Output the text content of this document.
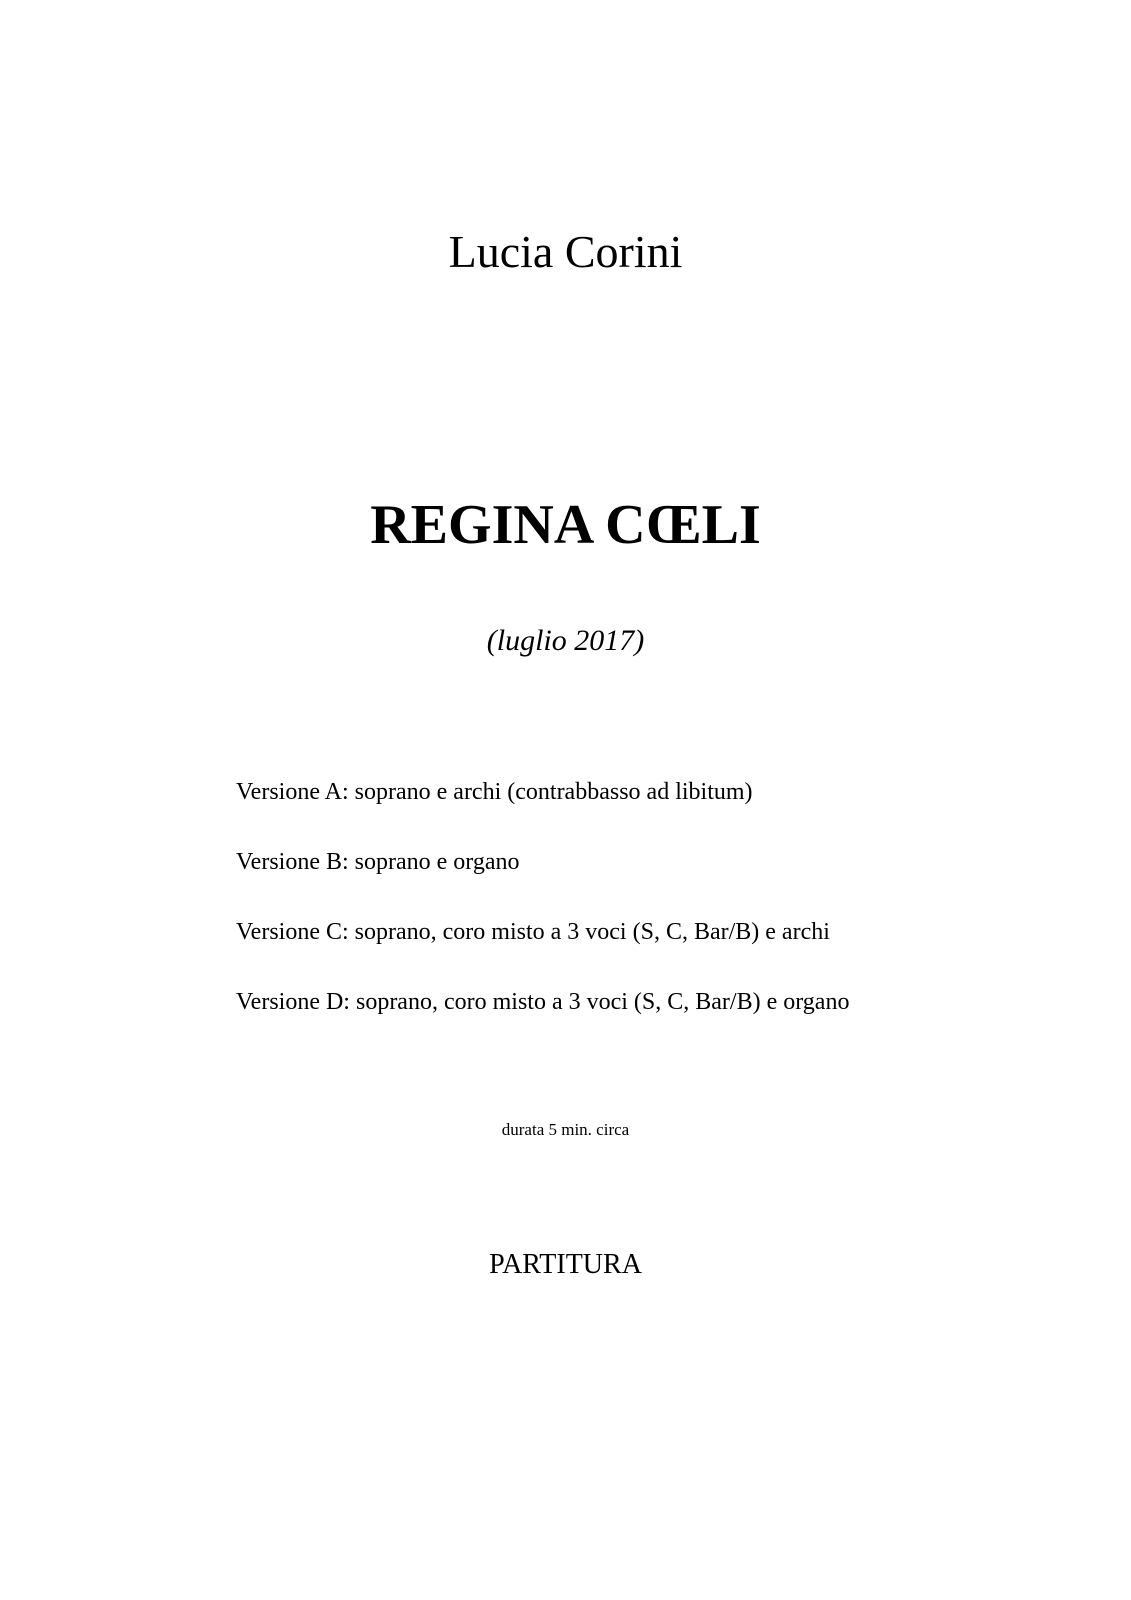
Lucia Corini

REGINA CŒLI

(luglio 2017)

Versione A: soprano e archi (contrabbasso ad libitum)
Versione B: soprano e organo
Versione C: soprano, coro misto a 3 voci (S, C, Bar/B) e archi
Versione D: soprano, coro misto a 3 voci (S, C, Bar/B) e organo

durata 5 min. circa

PARTITURA
